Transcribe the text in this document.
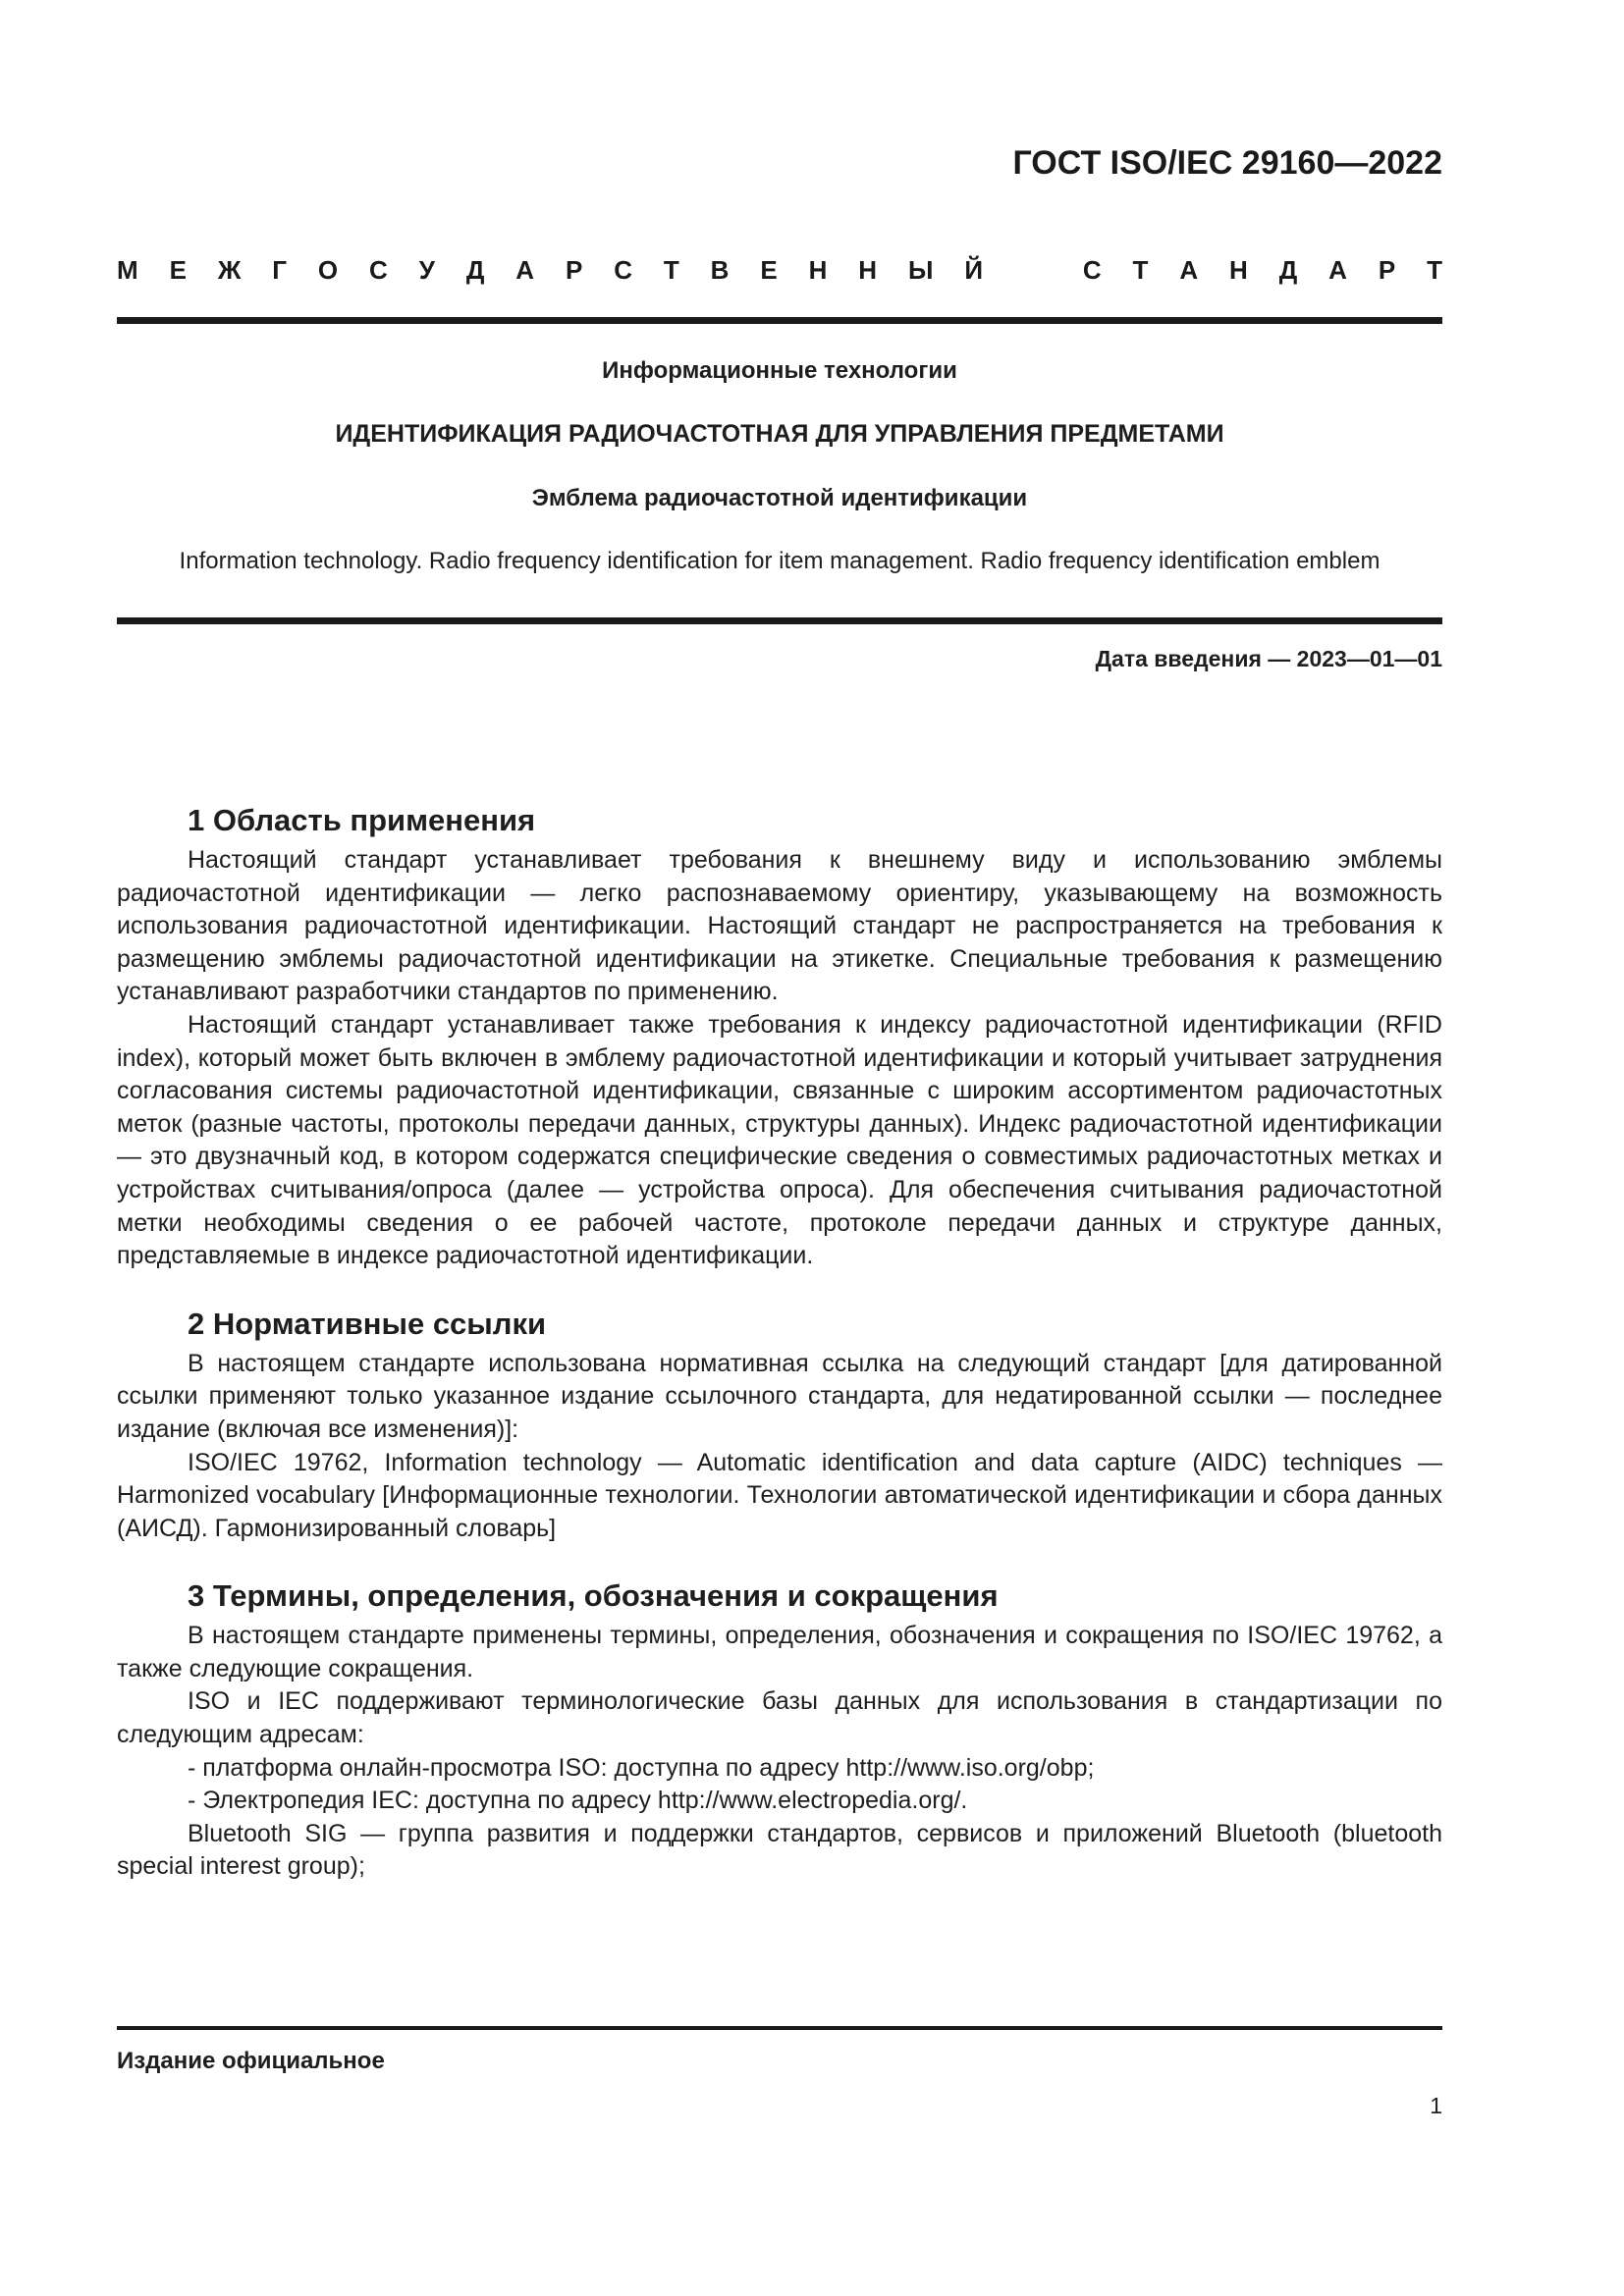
ГОСТ ISO/IEC 29160—2022
М Е Ж Г О С У Д А Р С Т В Е Н Н Ы Й	С Т А Н Д А Р Т
Информационные технологии
ИДЕНТИФИКАЦИЯ РАДИОЧАСТОТНАЯ ДЛЯ УПРАВЛЕНИЯ ПРЕДМЕТАМИ
Эмблема радиочастотной идентификации
Information technology. Radio frequency identification for item management. Radio frequency identification emblem
Дата введения — 2023—01—01
1 Область применения

Настоящий стандарт устанавливает требования к внешнему виду и использованию эмблемы радиочастотной идентификации — легко распознаваемому ориентиру, указывающему на возможность использования радиочастотной идентификации. Настоящий стандарт не распространяется на требования к размещению эмблемы радиочастотной идентификации на этикетке. Специальные требования к размещению устанавливают разработчики стандартов по применению.

Настоящий стандарт устанавливает также требования к индексу радиочастотной идентификации (RFID index), который может быть включен в эмблему радиочастотной идентификации и который учитывает затруднения согласования системы радиочастотной идентификации, связанные с широким ассортиментом радиочастотных меток (разные частоты, протоколы передачи данных, структуры данных). Индекс радиочастотной идентификации — это двузначный код, в котором содержатся специфические сведения о совместимых радиочастотных метках и устройствах считывания/опроса (далее — устройства опроса). Для обеспечения считывания радиочастотной метки необходимы сведения о ее рабочей частоте, протоколе передачи данных и структуре данных, представляемые в индексе радиочастотной идентификации.

2 Нормативные ссылки

В настоящем стандарте использована нормативная ссылка на следующий стандарт [для датированной ссылки применяют только указанное издание ссылочного стандарта, для недатированной ссылки — последнее издание (включая все изменения)]:

ISO/IEC 19762, Information technology — Automatic identification and data capture (AIDC) techniques — Harmonized vocabulary [Информационные технологии. Технологии автоматической идентификации и сбора данных (АИСД). Гармонизированный словарь]

3 Термины, определения, обозначения и сокращения

В настоящем стандарте применены термины, определения, обозначения и сокращения по ISO/IEC 19762, а также следующие сокращения.

ISO и IEC поддерживают терминологические базы данных для использования в стандартизации по следующим адресам:

- платформа онлайн-просмотра ISO: доступна по адресу http://www.iso.org/obp;
- Электропедия IEC: доступна по адресу http://www.electropedia.org/.

Bluetooth SIG — группа развития и поддержки стандартов, сервисов и приложений Bluetooth (bluetooth special interest group);

Издание официальное
1
